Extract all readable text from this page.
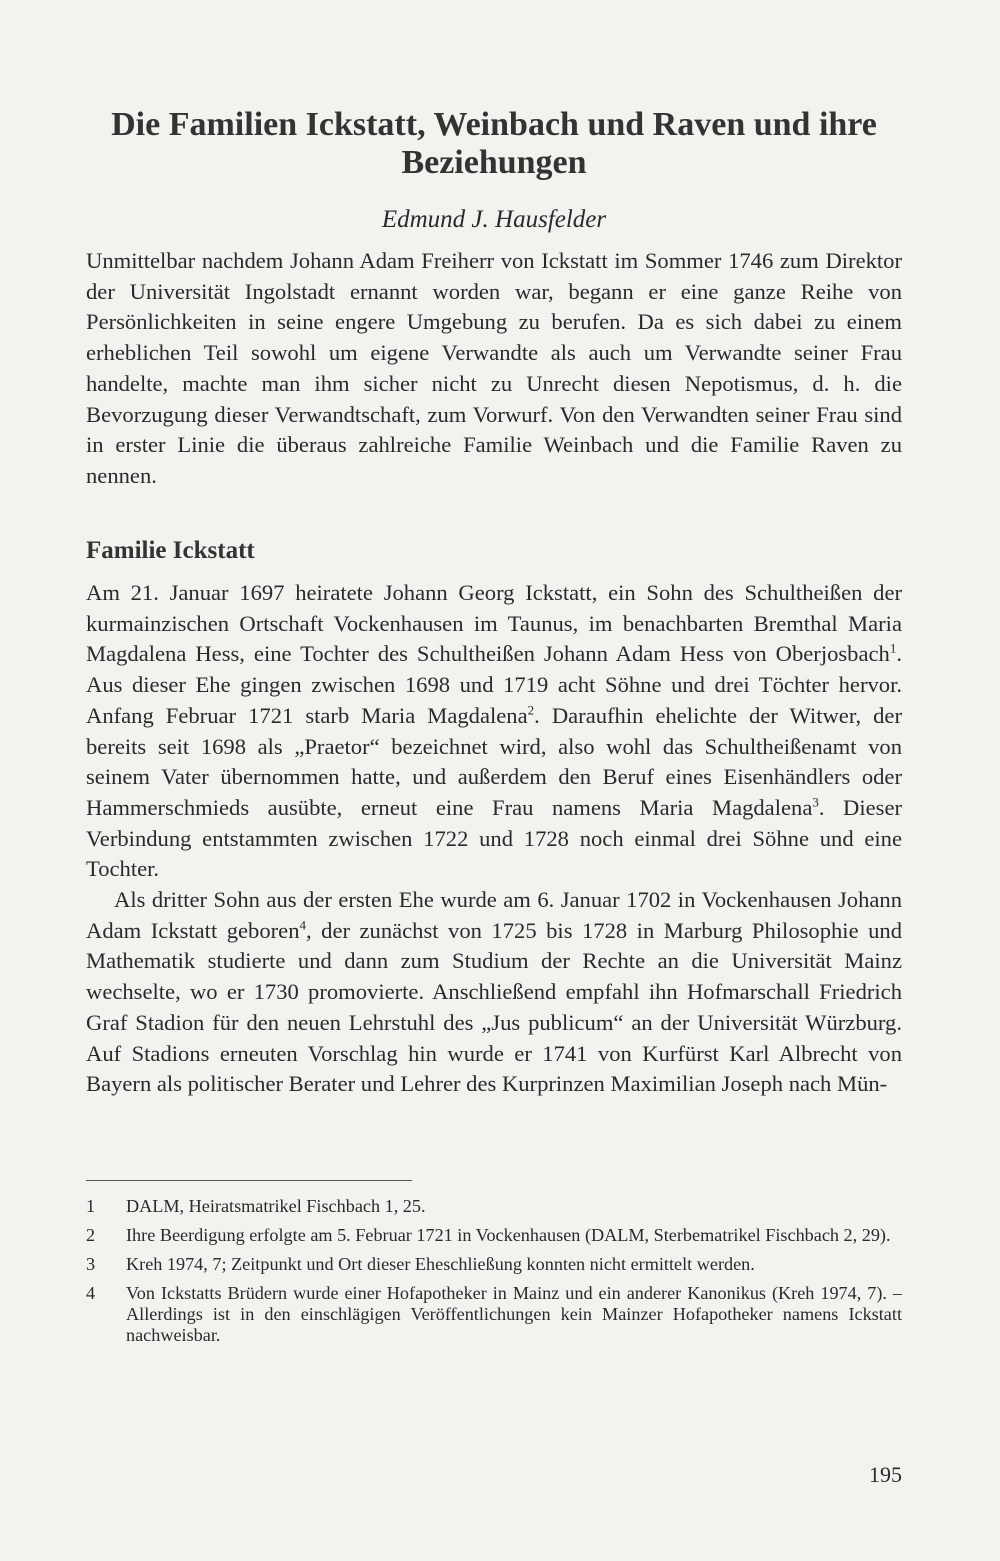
Die Familien Ickstatt, Weinbach und Raven und ihre Beziehungen
Edmund J. Hausfelder

Unmittelbar nachdem Johann Adam Freiherr von Ickstatt im Sommer 1746 zum Direktor der Universität Ingolstadt ernannt worden war, begann er eine ganze Reihe von Persönlichkeiten in seine engere Umgebung zu berufen. Da es sich dabei zu einem erheblichen Teil sowohl um eigene Verwandte als auch um Verwandte seiner Frau handelte, machte man ihm sicher nicht zu Unrecht diesen Nepotismus, d. h. die Bevorzugung dieser Verwandtschaft, zum Vorwurf. Von den Verwandten seiner Frau sind in erster Linie die überaus zahlreiche Familie Weinbach und die Familie Raven zu nennen.

Familie Ickstatt

Am 21. Januar 1697 heiratete Johann Georg Ickstatt, ein Sohn des Schultheißen der kurmainzischen Ortschaft Vockenhausen im Taunus, im benachbarten Bremthal Maria Magdalena Hess, eine Tochter des Schultheißen Johann Adam Hess von Oberjosbach$^1$. Aus dieser Ehe gingen zwischen 1698 und 1719 acht Söhne und drei Töchter hervor. Anfang Februar 1721 starb Maria Magdalena$^2$. Daraufhin ehelichte der Witwer, der bereits seit 1698 als „Praetor“ bezeichnet wird, also wohl das Schultheißenamt von seinem Vater übernommen hatte, und außerdem den Beruf eines Eisenhändlers oder Hammerschmieds ausübte, erneut eine Frau namens Maria Magdalena$^3$. Dieser Verbindung entstammten zwischen 1722 und 1728 noch einmal drei Söhne und eine Tochter.

Als dritter Sohn aus der ersten Ehe wurde am 6. Januar 1702 in Vockenhausen Johann Adam Ickstatt geboren$^4$, der zunächst von 1725 bis 1728 in Marburg Philosophie und Mathematik studierte und dann zum Studium der Rechte an die Universität Mainz wechselte, wo er 1730 promovierte. Anschließend empfahl ihn Hofmarschall Friedrich Graf Stadion für den neuen Lehrstuhl des „Jus publicum“ an der Universität Würzburg. Auf Stadions erneuten Vorschlag hin wurde er 1741 von Kurfürst Karl Albrecht von Bayern als politischer Berater und Lehrer des Kurprinzen Maximilian Joseph nach Mün-

1	DALM, Heiratsmatrikel Fischbach 1, 25.
2	Ihre Beerdigung erfolgte am 5. Februar 1721 in Vockenhausen (DALM, Sterbematrikel Fischbach 2, 29).
3	Kreh 1974, 7; Zeitpunkt und Ort dieser Eheschließung konnten nicht ermittelt werden.
4	Von Ickstatts Brüdern wurde einer Hofapotheker in Mainz und ein anderer Kanonikus (Kreh 1974, 7). – Allerdings ist in den einschlägigen Veröffentlichungen kein Mainzer Hofapotheker namens Ickstatt nachweisbar.
195
